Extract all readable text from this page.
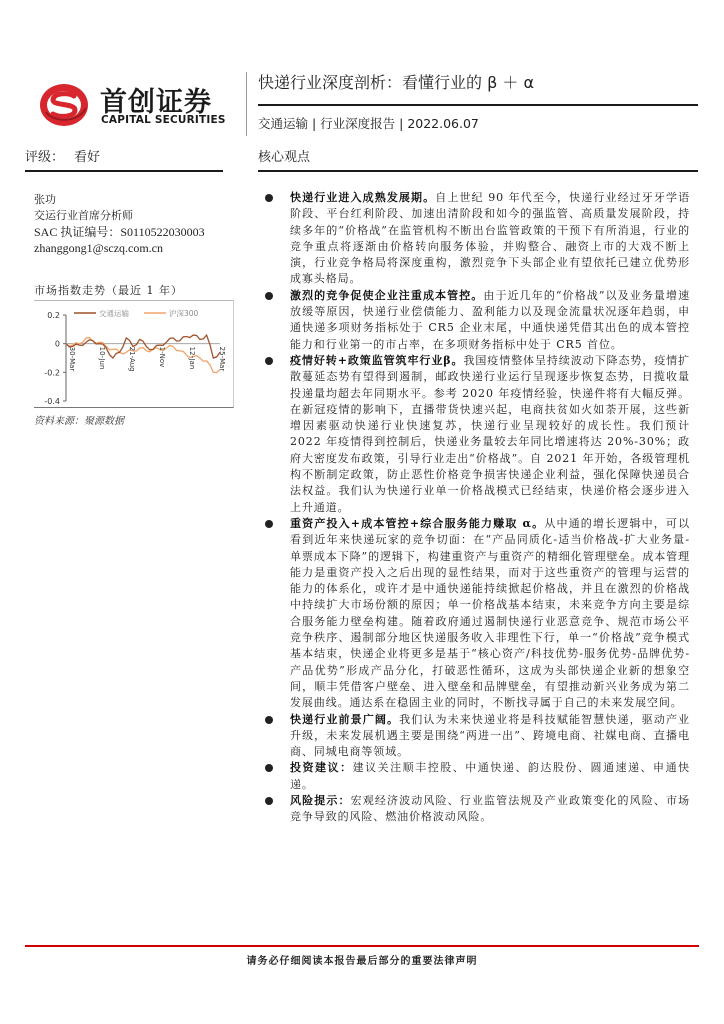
首创证券
CAPITAL SECURITIES
快递行业深度剖析：看懂行业的 β ＋ α
交通运输 | 行业深度报告 | 2022.06.07
评级： 看好	核心观点
张功
交运行业首席分析师
SAC 执证编号：S0110522030003
zhanggong1@sczq.com.cn
市场指数走势（最近 1 年）
0.2
0
-0.2
-0.4
30-Mar	10-Jun	21-Aug	1-Nov	12-Jan	25-Mar
交通运输	沪深300
资料来源：聚源数据
快递行业进入成熟发展期。自上世纪 90 年代至今，快递行业经过牙牙学语阶段、平台红利阶段、加速出清阶段和如今的强监管、高质量发展阶段，持续多年的“价格战”在监管机构不断出台监管政策的干预下有所消退，行业的竞争重点将逐渐由价格转向服务体验，并购整合、融资上市的大戏不断上演，行业竞争格局将深度重构，激烈竞争下头部企业有望依托已建立优势形成寡头格局。
激烈的竞争促使企业注重成本管控。由于近几年的“价格战”以及业务量增速放缓等原因，快递行业偿债能力、盈利能力以及现金流量状况逐年趋弱，申通快递多项财务指标处于 CR5 企业末尾，中通快递凭借其出色的成本管控能力和行业第一的市占率，在多项财务指标中处于 CR5 首位。
疫情好转+政策监管筑牢行业β。我国疫情整体呈持续波动下降态势，疫情扩散蔓延态势有望得到遏制，邮政快递行业运行呈现逐步恢复态势，日揽收量投递量均超去年同期水平。参考 2020 年疫情经验，快递件将有大幅反弹。在新冠疫情的影响下，直播带货快速兴起，电商扶贫如火如荼开展，这些新增因素驱动快递行业快速复苏，快递行业呈现较好的成长性。我们预计 2022 年疫情得到控制后，快递业务量较去年同比增速将达 20%-30%；政府大密度发布政策，引导行业走出“价格战”。自 2021 年开始，各级管理机构不断制定政策，防止恶性价格竞争损害快递企业利益，强化保障快递员合法权益。我们认为快递行业单一价格战模式已经结束，快递价格会逐步进入上升通道。
重资产投入+成本管控+综合服务能力赚取 α。从中通的增长逻辑中，可以看到近年来快递玩家的竞争切面：在“产品同质化-适当价格战-扩大业务量-单票成本下降”的逻辑下，构建重资产与重资产的精细化管理壁垒。成本管理能力是重资产投入之后出现的显性结果，而对于这些重资产的管理与运营的能力的体系化，或许才是中通快递能持续掀起价格战，并且在激烈的价格战中持续扩大市场份额的原因；单一价格战基本结束，未来竞争方向主要是综合服务能力壁垒构建。随着政府通过遏制快递行业恶意竞争、规范市场公平竞争秩序、遏制部分地区快递服务收入非理性下行，单一“价格战”竞争模式基本结束，快递企业将更多是基于“核心资产/科技优势-服务优势-品牌优势-产品优势”形成产品分化，打破恶性循环，这成为头部快递企业新的想象空间，顺丰凭借客户壁垒、进入壁垒和品牌壁垒，有望推动新兴业务成为第二发展曲线。通达系在稳固主业的同时，不断找寻属于自己的未来发展空间。
快递行业前景广阔。我们认为未来快递业将是科技赋能智慧快递，驱动产业升级，未来发展机遇主要是围绕“两进一出”、跨境电商、社媒电商、直播电商、同城电商等领域。
投资建议：建议关注顺丰控股、中通快递、韵达股份、圆通速递、申通快递。
风险提示：宏观经济波动风险、行业监管法规及产业政策变化的风险、市场竞争导致的风险、燃油价格波动风险。
请务必仔细阅读本报告最后部分的重要法律声明
